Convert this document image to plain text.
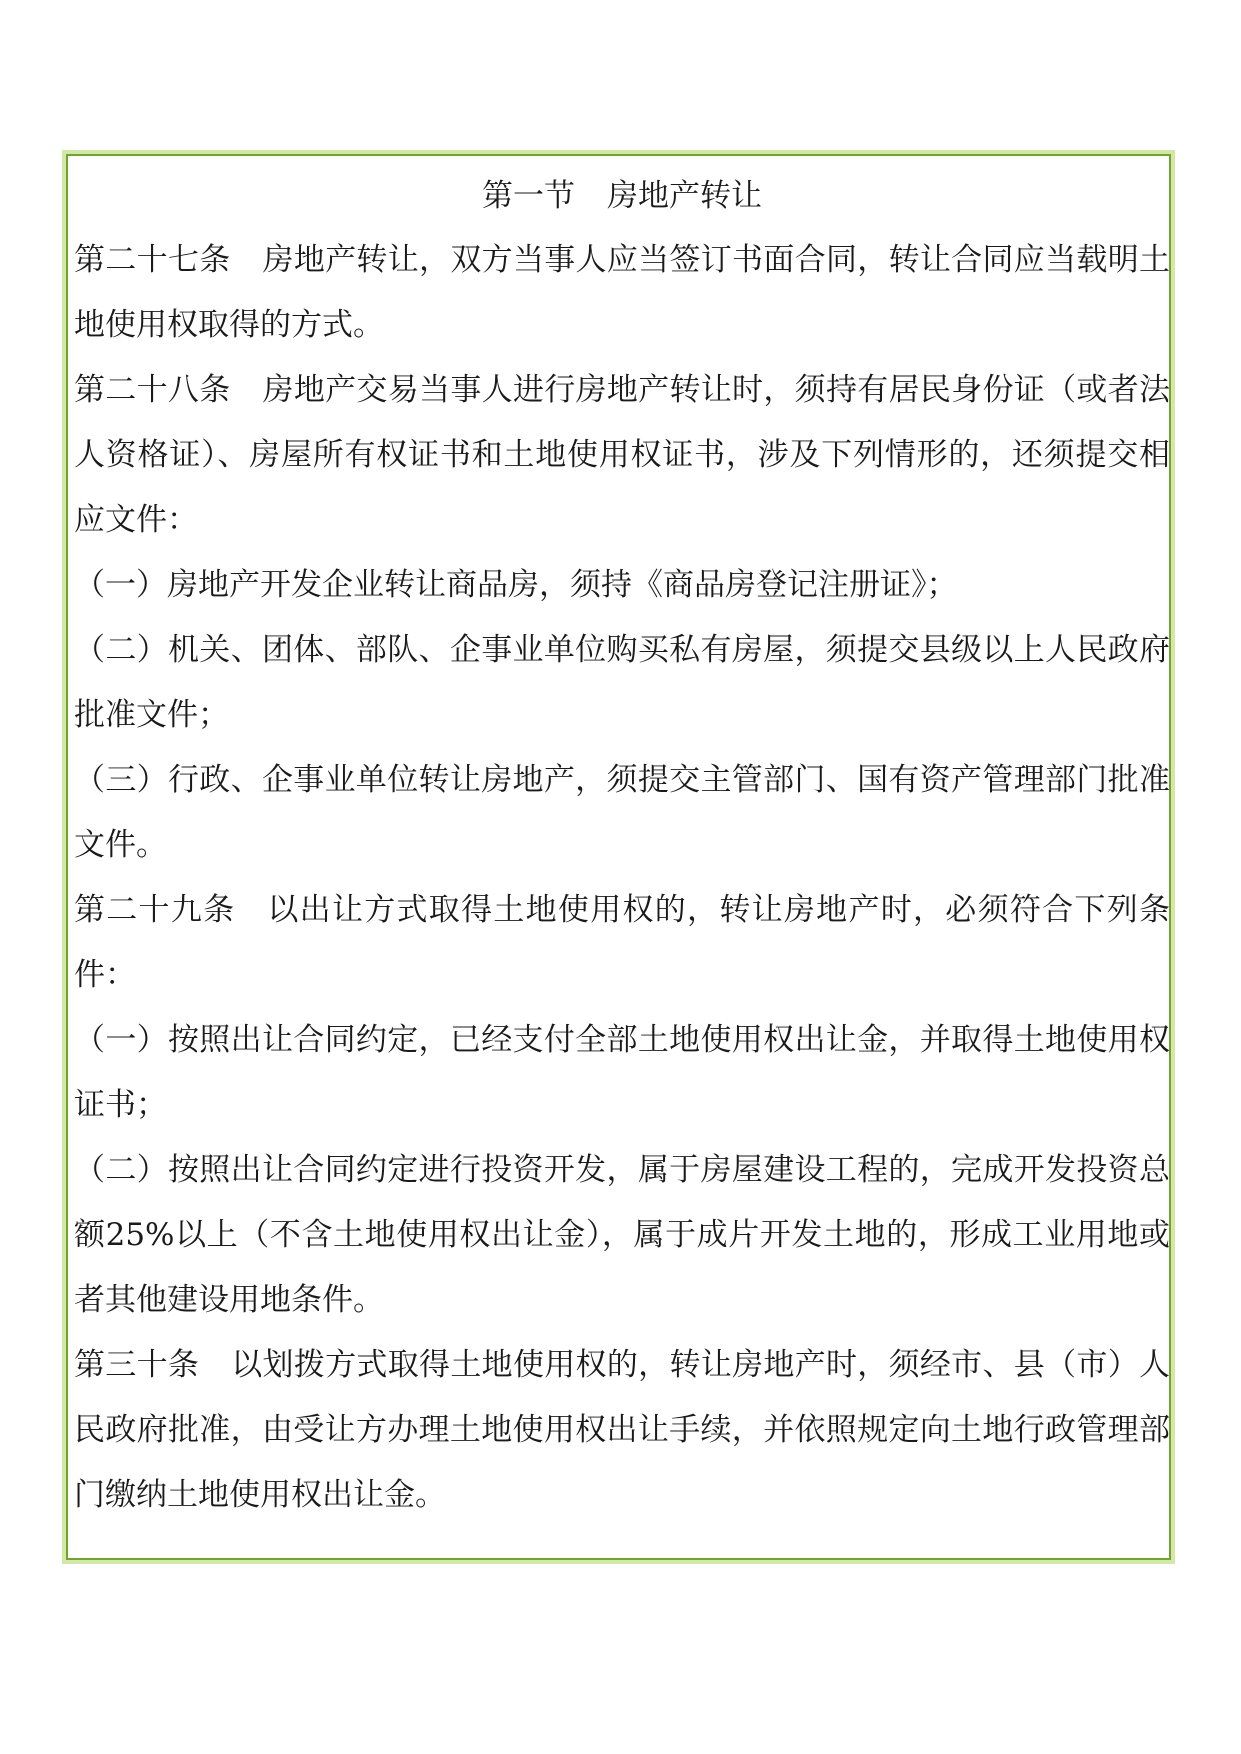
第一节 房地产转让

第二十七条 房地产转让，双方当事人应当签订书面合同，转让合同应当载明土地使用权取得的方式。

第二十八条 房地产交易当事人进行房地产转让时，须持有居民身份证（或者法人资格证）、房屋所有权证书和土地使用权证书，涉及下列情形的，还须提交相应文件：

（一）房地产开发企业转让商品房，须持《商品房登记注册证》；

（二）机关、团体、部队、企事业单位购买私有房屋，须提交县级以上人民政府批准文件；

（三）行政、企事业单位转让房地产，须提交主管部门、国有资产管理部门批准文件。

第二十九条 以出让方式取得土地使用权的，转让房地产时，必须符合下列条件：

（一）按照出让合同约定，已经支付全部土地使用权出让金，并取得土地使用权证书；

（二）按照出让合同约定进行投资开发，属于房屋建设工程的，完成开发投资总额25%以上（不含土地使用权出让金），属于成片开发土地的，形成工业用地或者其他建设用地条件。

第三十条 以划拨方式取得土地使用权的，转让房地产时，须经市、县（市）人民政府批准，由受让方办理土地使用权出让手续，并依照规定向土地行政管理部门缴纳土地使用权出让金。
